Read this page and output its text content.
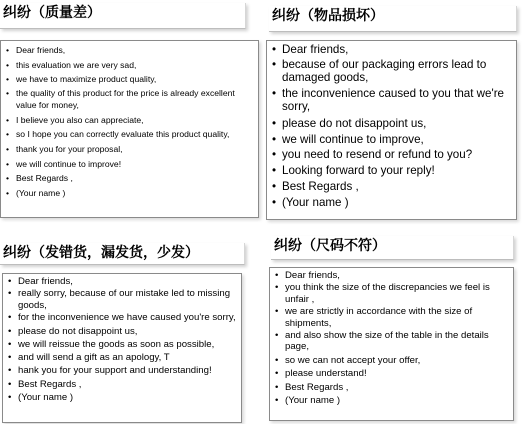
纠纷（质量差）
• Dear friends,
• this evaluation we are very sad,
• we have to maximize product quality,
• the quality of this product for the price is already excellent value for money,
• I believe you also can appreciate,
• so I hope you can correctly evaluate this product quality,
• thank you for your proposal,
• we will continue to improve!
• Best Regards ,
• (Your name )
纠纷（物品损坏）
• Dear friends,
• because of our packaging errors lead to damaged goods,
• the inconvenience caused to you that we're sorry,
• please do not disappoint us,
• we will continue to improve,
• you need to resend or refund to you?
• Looking forward to your reply!
• Best Regards ,
• (Your name )
纠纷（发错货，漏发货，少发）
• Dear friends,
• really sorry, because of our mistake led to missing goods,
• for the inconvenience we have caused you're sorry,
• please do not disappoint us,
• we will reissue the goods as soon as possible,
• and will send a gift as an apology, T
• hank you for your support and understanding!
• Best Regards ,
• (Your name )
纠纷（尺码不符）
• Dear friends,
• you think the size of the discrepancies we feel is unfair ,
• we are strictly in accordance with the size of shipments,
• and also show the size of the table in the details page,
• so we can not accept your offer,
• please understand!
• Best Regards ,
• (Your name )
